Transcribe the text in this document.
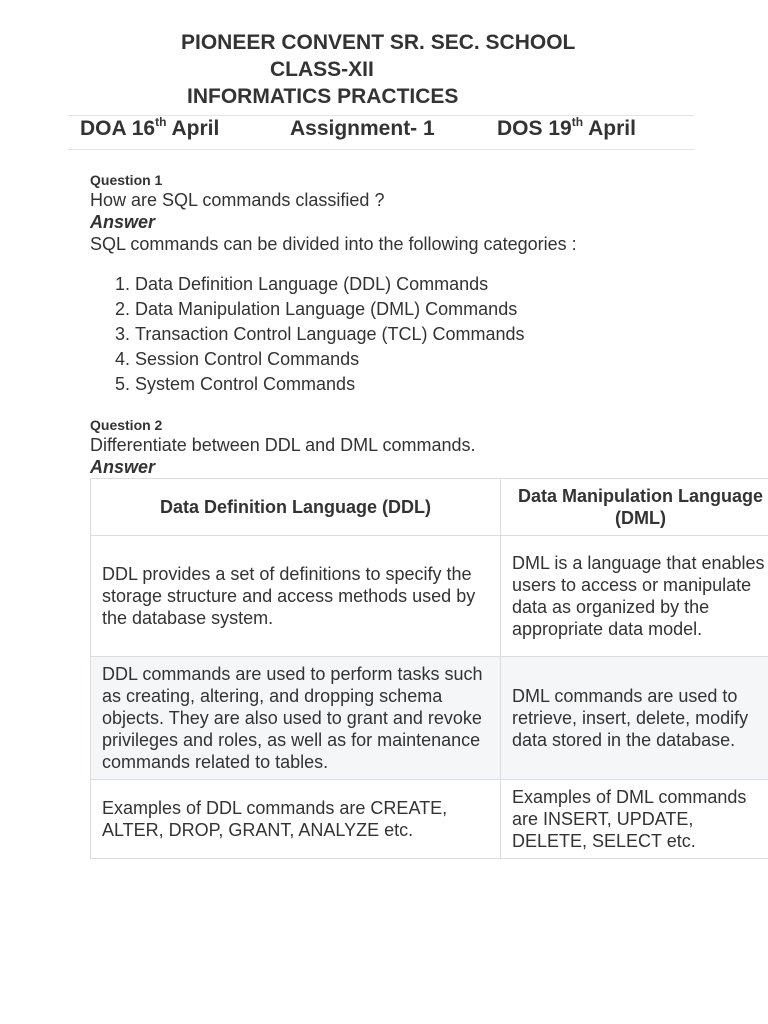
PIONEER CONVENT SR. SEC. SCHOOL
CLASS-XII
INFORMATICS PRACTICES
DOA 16th April	Assignment- 1	DOS 19th April
Question 1
How are SQL commands classified ?
Answer
SQL commands can be divided into the following categories :
1. Data Definition Language (DDL) Commands
2. Data Manipulation Language (DML) Commands
3. Transaction Control Language (TCL) Commands
4. Session Control Commands
5. System Control Commands
Question 2
Differentiate between DDL and DML commands.
Answer
Data Definition Language (DDL)	Data Manipulation Language (DML)
DDL provides a set of definitions to specify the storage structure and access methods used by the database system.	DML is a language that enables users to access or manipulate data as organized by the appropriate data model.
DDL commands are used to perform tasks such as creating, altering, and dropping schema objects. They are also used to grant and revoke privileges and roles, as well as for maintenance commands related to tables.	DML commands are used to retrieve, insert, delete, modify data stored in the database.
Examples of DDL commands are CREATE, ALTER, DROP, GRANT, ANALYZE etc.	Examples of DML commands are INSERT, UPDATE, DELETE, SELECT etc.
